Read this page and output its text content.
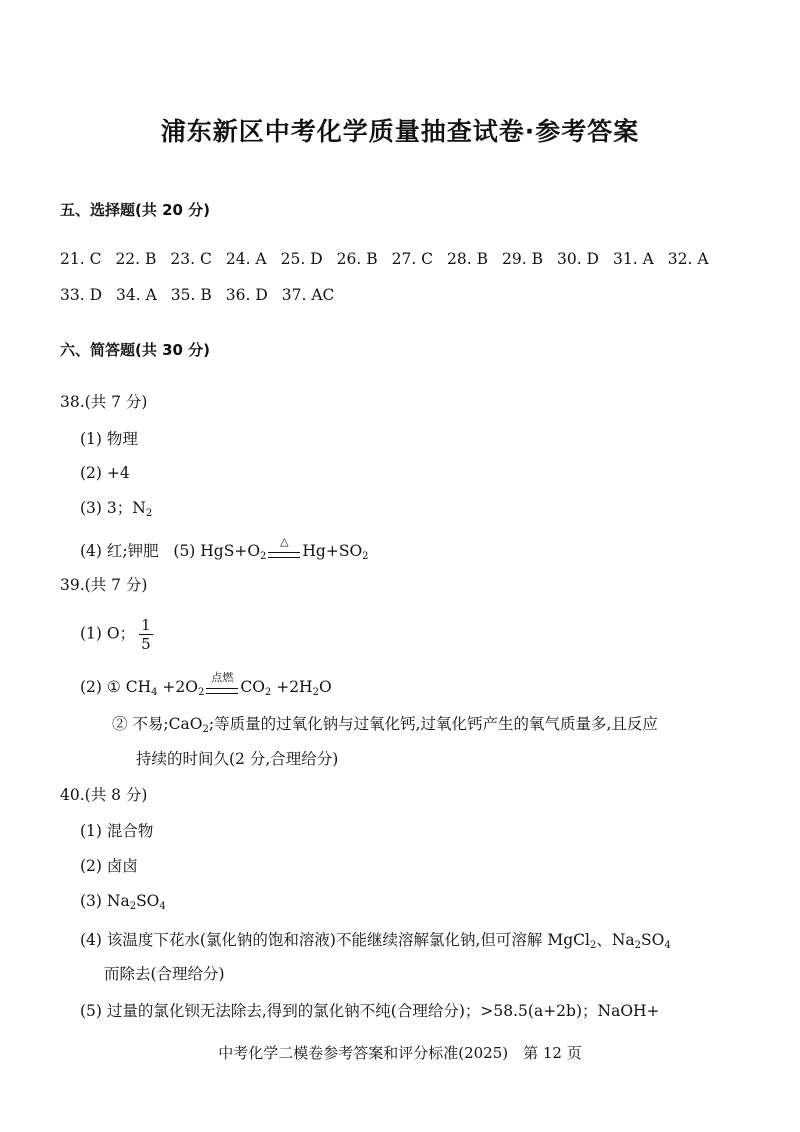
浦东新区中考化学质量抽查试卷·参考答案
五、选择题(共 20 分)
21. C 22. B 23. C 24. A 25. D 26. B 27. C 28. B 29. B 30. D 31. A 32. A
33. D 34. A 35. B 36. D 37. AC
六、简答题(共 30 分)
38.(共 7 分)
(1) 物理
(2) +4
(3) 3；$N_2$
(4) 红;钾肥 (5) $HgS+O_2$
△
$Hg+SO_2$
39.(共 7 分)
(1) O； $\frac{1}{5}$
(2) ① $CH_4 +2O_2$
点燃
$CO_2 +2H_2O$
② 不易;CaO$_2$;等质量的过氧化钠与过氧化钙,过氧化钙产生的氧气质量多,且反应
持续的时间久(2 分,合理给分)
40.(共 8 分)
(1) 混合物
(2) 卤卤
(3) $Na_2SO_4$
(4) 该温度下花水(氯化钠的饱和溶液)不能继续溶解氯化钠,但可溶解 MgCl$_2$、$Na_2SO_4$
而除去(合理给分)
(5) 过量的氯化钡无法除去,得到的氯化钠不纯(合理给分)；>58.5(a+2b)；NaOH+
中考化学二模卷参考答案和评分标准(2025)　第 12 页
